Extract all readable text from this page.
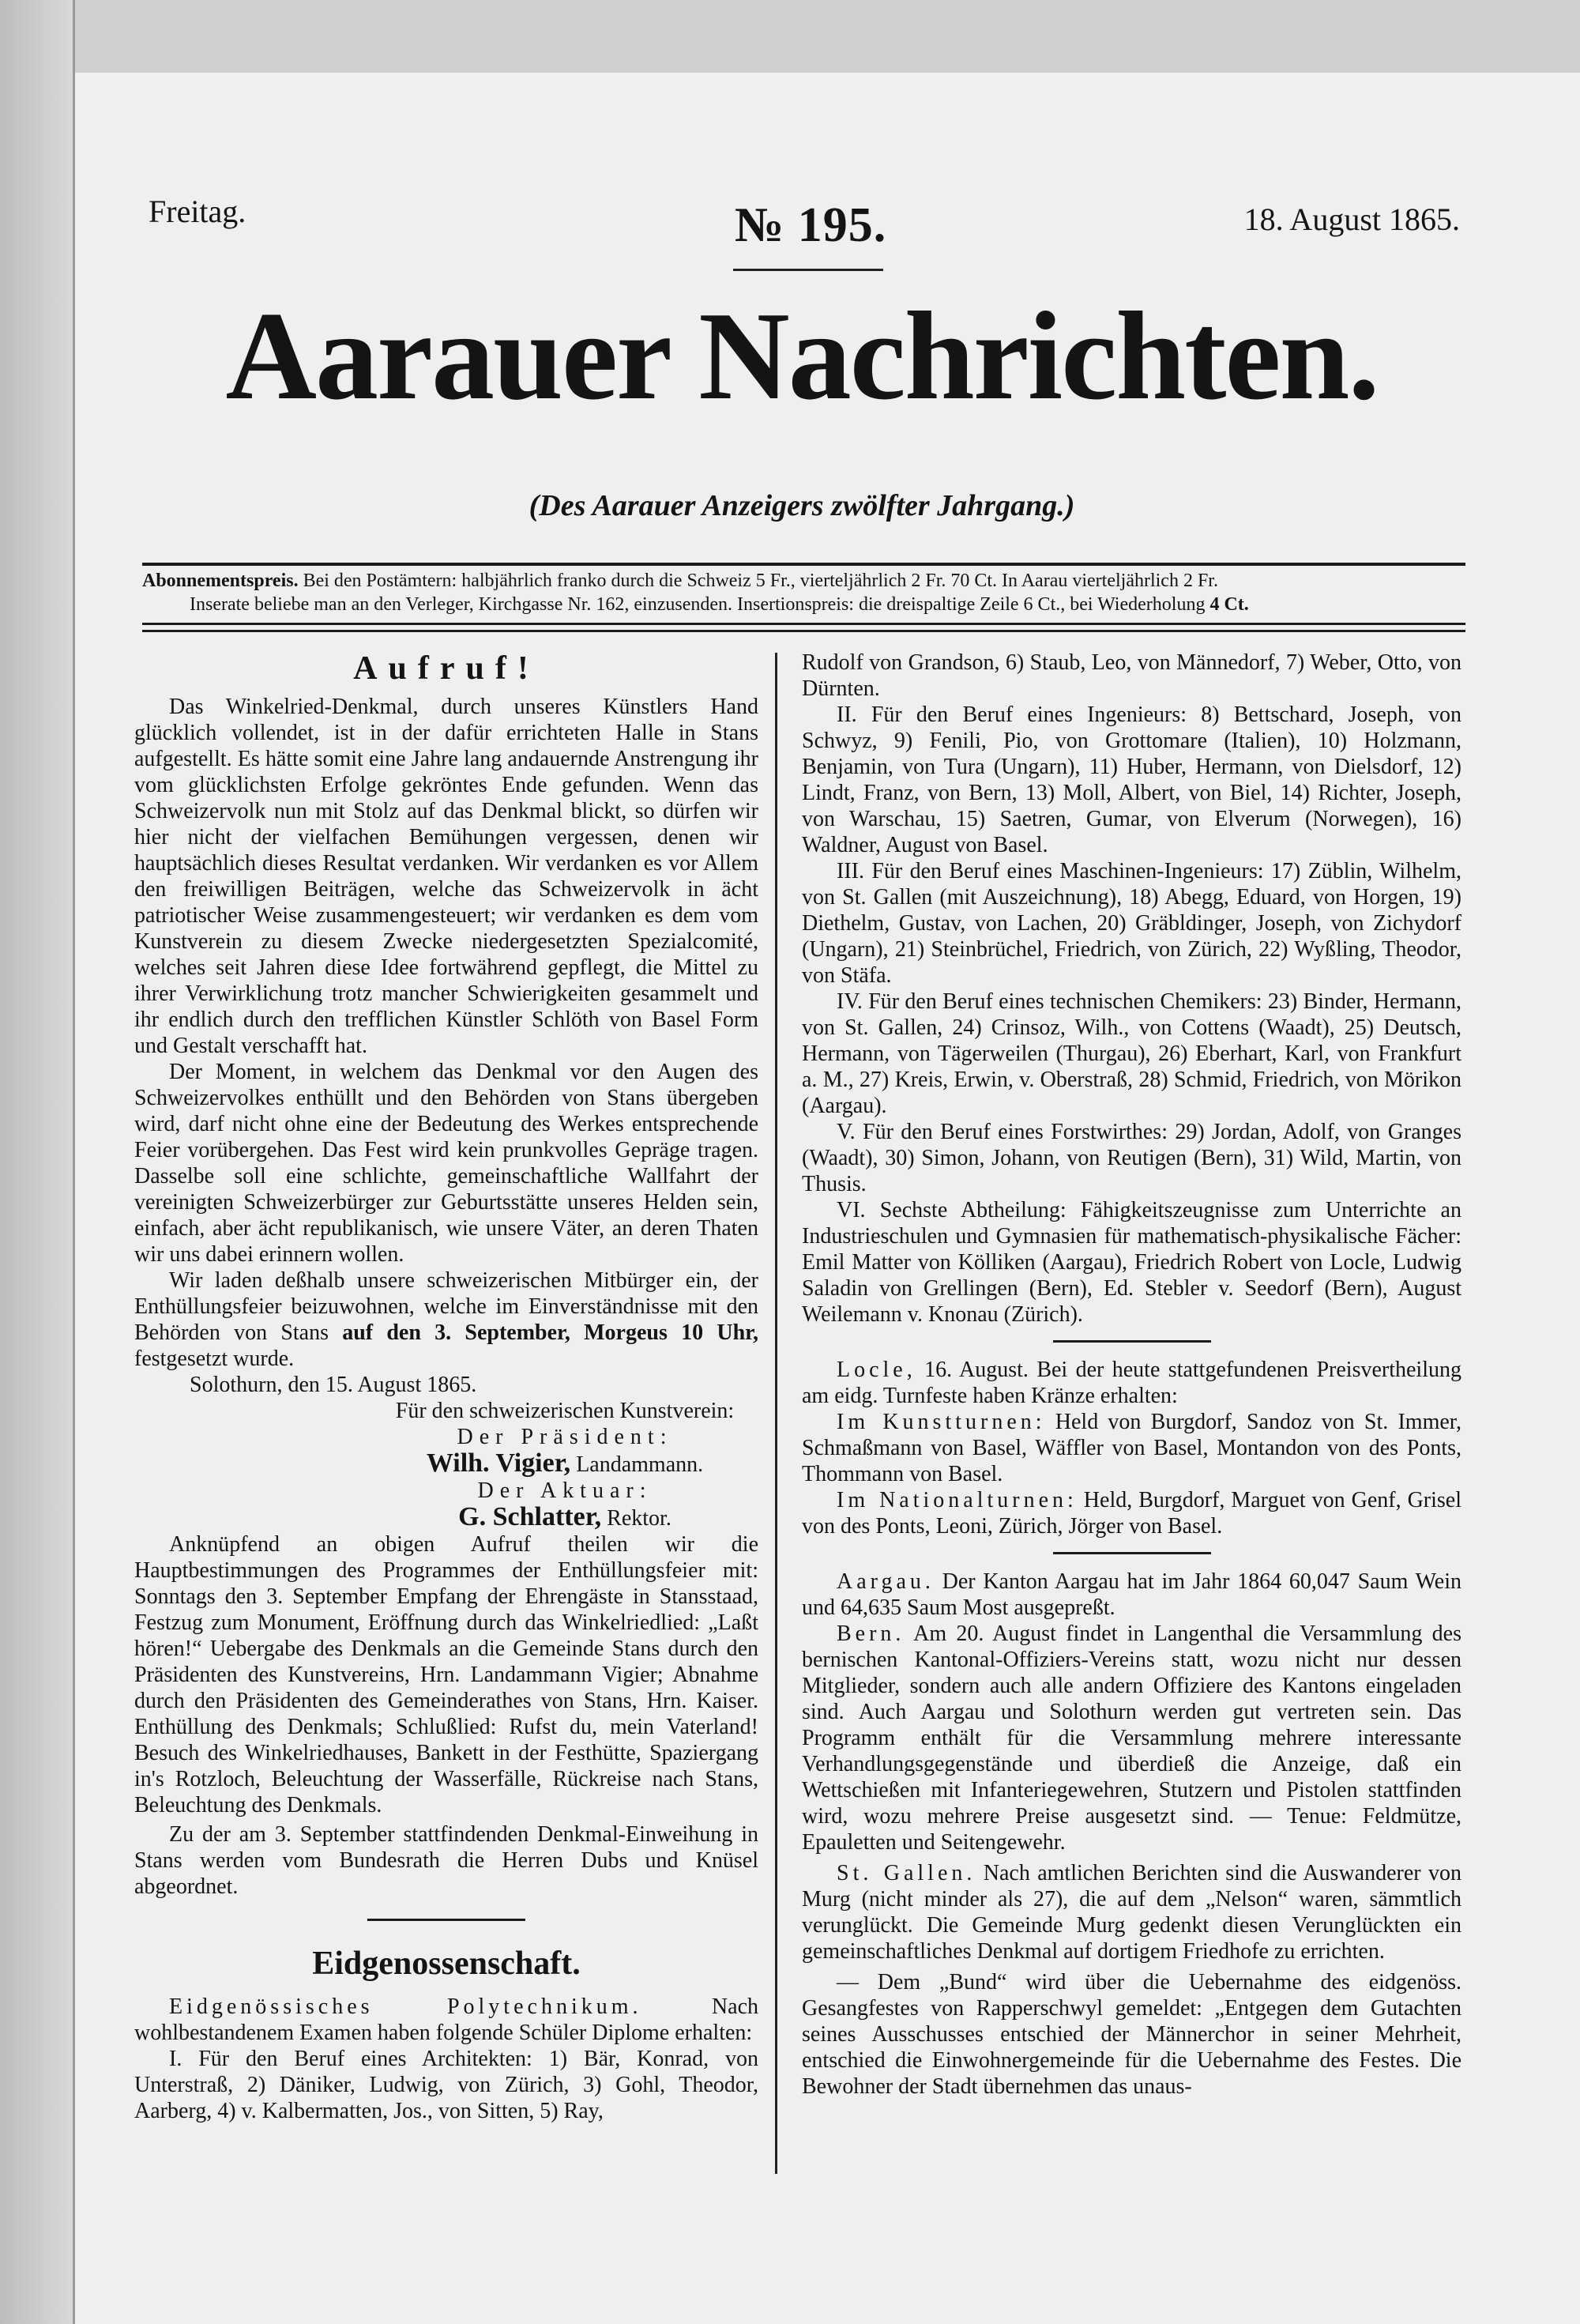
Freitag.	№ 195.	18. August 1865.
Aarauer Nachrichten.
(Des Aarauer Anzeigers zwölfter Jahrgang.)
Abonnementspreis. Bei den Postämtern: halbjährlich franko durch die Schweiz 5 Fr., vierteljährlich 2 Fr. 70 Ct. In Aarau vierteljährlich 2 Fr.
Inserate beliebe man an den Verleger, Kirchgasse Nr. 162, einzusenden. Insertionspreis: die dreispaltige Zeile 6 Ct., bei Wiederholung 4 Ct.
Aufruf!

Das Winkelried-Denkmal, durch unseres Künstlers Hand glücklich vollendet, ist in der dafür errichteten Halle in Stans aufgestellt. Es hätte somit eine Jahre lang andauernde Anstrengung ihr vom glücklichsten Erfolge gekröntes Ende gefunden. Wenn das Schweizervolk nun mit Stolz auf das Denkmal blickt, so dürfen wir hier nicht der vielfachen Bemühungen vergessen, denen wir hauptsächlich dieses Resultat verdanken. Wir verdanken es vor Allem den freiwilligen Beiträgen, welche das Schweizervolk in ächt patriotischer Weise zusammengesteuert; wir verdanken es dem vom Kunstverein zu diesem Zwecke niedergesetzten Spezialcomité, welches seit Jahren diese Idee fortwährend gepflegt, die Mittel zu ihrer Verwirklichung trotz mancher Schwierigkeiten gesammelt und ihr endlich durch den trefflichen Künstler Schlöth von Basel Form und Gestalt verschafft hat.

Der Moment, in welchem das Denkmal vor den Augen des Schweizervolkes enthüllt und den Behörden von Stans übergeben wird, darf nicht ohne eine der Bedeutung des Werkes entsprechende Feier vorübergehen. Das Fest wird kein prunkvolles Gepräge tragen. Dasselbe soll eine schlichte, gemeinschaftliche Wallfahrt der vereinigten Schweizerbürger zur Geburtsstätte unseres Helden sein, einfach, aber ächt republikanisch, wie unsere Väter, an deren Thaten wir uns dabei erinnern wollen.

Wir laden deßhalb unsere schweizerischen Mitbürger ein, der Enthüllungsfeier beizuwohnen, welche im Einverständnisse mit den Behörden von Stans auf den 3. September, Morgeus 10 Uhr, festgesetzt wurde.

Solothurn, den 15. August 1865.
Für den schweizerischen Kunstverein:
Der Präsident:
Wilh. Vigier, Landammann.
Der Aktuar:
G. Schlatter, Rektor.

Anknüpfend an obigen Aufruf theilen wir die Hauptbestimmungen des Programmes der Enthüllungsfeier mit: Sonntags den 3. September Empfang der Ehrengäste in Stansstaad, Festzug zum Monument, Eröffnung durch das Winkelriedlied: „Laßt hören!“ Uebergabe des Denkmals an die Gemeinde Stans durch den Präsidenten des Kunstvereins, Hrn. Landammann Vigier; Abnahme durch den Präsidenten des Gemeinderathes von Stans, Hrn. Kaiser. Enthüllung des Denkmals; Schlußlied: Rufst du, mein Vaterland! Besuch des Winkelriedhauses, Bankett in der Festhütte, Spaziergang in's Rotzloch, Beleuchtung der Wasserfälle, Rückreise nach Stans, Beleuchtung des Denkmals.

Zu der am 3. September stattfindenden Denkmal-Einweihung in Stans werden vom Bundesrath die Herren Dubs und Knüsel abgeordnet.

Eidgenossenschaft.

Eidgenössisches Polytechnikum. Nach wohlbestandenem Examen haben folgende Schüler Diplome erhalten:

I. Für den Beruf eines Architekten: 1) Bär, Konrad, von Unterstraß, 2) Däniker, Ludwig, von Zürich, 3) Gohl, Theodor, Aarberg, 4) v. Kalbermatten, Jos., von Sitten, 5) Ray,

Rudolf von Grandson, 6) Staub, Leo, von Männedorf, 7) Weber, Otto, von Dürnten.

II. Für den Beruf eines Ingenieurs: 8) Bettschard, Joseph, von Schwyz, 9) Fenili, Pio, von Grottomare (Italien), 10) Holzmann, Benjamin, von Tura (Ungarn), 11) Huber, Hermann, von Dielsdorf, 12) Lindt, Franz, von Bern, 13) Moll, Albert, von Biel, 14) Richter, Joseph, von Warschau, 15) Saetren, Gumar, von Elverum (Norwegen), 16) Waldner, August von Basel.

III. Für den Beruf eines Maschinen-Ingenieurs: 17) Züblin, Wilhelm, von St. Gallen (mit Auszeichnung), 18) Abegg, Eduard, von Horgen, 19) Diethelm, Gustav, von Lachen, 20) Gräbldinger, Joseph, von Zichydorf (Ungarn), 21) Steinbrüchel, Friedrich, von Zürich, 22) Wyßling, Theodor, von Stäfa.

IV. Für den Beruf eines technischen Chemikers: 23) Binder, Hermann, von St. Gallen, 24) Crinsoz, Wilh., von Cottens (Waadt), 25) Deutsch, Hermann, von Tägerweilen (Thurgau), 26) Eberhart, Karl, von Frankfurt a. M., 27) Kreis, Erwin, v. Oberstraß, 28) Schmid, Friedrich, von Mörikon (Aargau).

V. Für den Beruf eines Forstwirthes: 29) Jordan, Adolf, von Granges (Waadt), 30) Simon, Johann, von Reutigen (Bern), 31) Wild, Martin, von Thusis.

VI. Sechste Abtheilung: Fähigkeitszeugnisse zum Unterrichte an Industrieschulen und Gymnasien für mathematisch-physikalische Fächer: Emil Matter von Kölliken (Aargau), Friedrich Robert von Locle, Ludwig Saladin von Grellingen (Bern), Ed. Stebler v. Seedorf (Bern), August Weilemann v. Knonau (Zürich).

Locle, 16. August. Bei der heute stattgefundenen Preisvertheilung am eidg. Turnfeste haben Kränze erhalten:

Im Kunstturnen: Held von Burgdorf, Sandoz von St. Immer, Schmaßmann von Basel, Wäffler von Basel, Montandon von des Ponts, Thommann von Basel.

Im Nationalturnen: Held, Burgdorf, Marguet von Genf, Grisel von des Ponts, Leoni, Zürich, Jörger von Basel.

Aargau. Der Kanton Aargau hat im Jahr 1864 60,047 Saum Wein und 64,635 Saum Most ausgepreßt.

Bern. Am 20. August findet in Langenthal die Versammlung des bernischen Kantonal-Offiziers-Vereins statt, wozu nicht nur dessen Mitglieder, sondern auch alle andern Offiziere des Kantons eingeladen sind. Auch Aargau und Solothurn werden gut vertreten sein. Das Programm enthält für die Versammlung mehrere interessante Verhandlungsgegenstände und überdieß die Anzeige, daß ein Wettschießen mit Infanteriegewehren, Stutzern und Pistolen stattfinden wird, wozu mehrere Preise ausgesetzt sind. — Tenue: Feldmütze, Epauletten und Seitengewehr.

St. Gallen. Nach amtlichen Berichten sind die Auswanderer von Murg (nicht minder als 27), die auf dem „Nelson“ waren, sämmtlich verunglückt. Die Gemeinde Murg gedenkt diesen Verunglückten ein gemeinschaftliches Denkmal auf dortigem Friedhofe zu errichten.

— Dem „Bund“ wird über die Uebernahme des eidgenöss. Gesangfestes von Rapperschwyl gemeldet: „Entgegen dem Gutachten seines Ausschusses entschied der Männerchor in seiner Mehrheit, entschied die Einwohnergemeinde für die Uebernahme des Festes. Die Bewohner der Stadt übernehmen das unaus-
